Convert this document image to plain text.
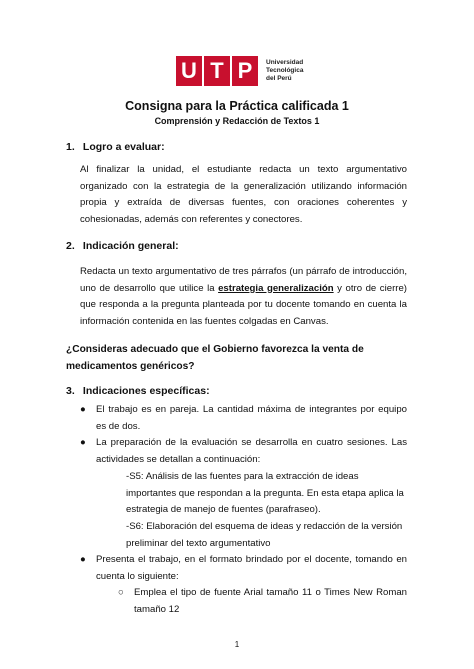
U T P	Universidad
Tecnológica
del Perú
Consigna para la Práctica calificada 1
Comprensión y Redacción de Textos 1
1. Logro a evaluar:
Al finalizar la unidad, el estudiante redacta un texto argumentativo organizado con la estrategia de la generalización utilizando información propia y extraída de diversas fuentes, con oraciones coherentes y cohesionadas, además con referentes y conectores.
2. Indicación general:
Redacta un texto argumentativo de tres párrafos (un párrafo de introducción, uno de desarrollo que utilice la estrategia generalización y otro de cierre) que responda a la pregunta planteada por tu docente tomando en cuenta la información contenida en las fuentes colgadas en Canvas.
¿Consideras adecuado que el Gobierno favorezca la venta de medicamentos genéricos?
3. Indicaciones específicas:
● El trabajo es en pareja. La cantidad máxima de integrantes por equipo es de dos.
● La preparación de la evaluación se desarrolla en cuatro sesiones. Las actividades se detallan a continuación:
-S5: Análisis de las fuentes para la extracción de ideas importantes que respondan a la pregunta. En esta etapa aplica la estrategia de manejo de fuentes (parafraseo).
-S6: Elaboración del esquema de ideas y redacción de la versión preliminar del texto argumentativo
● Presenta el trabajo, en el formato brindado por el docente, tomando en cuenta lo siguiente:
○ Emplea el tipo de fuente Arial tamaño 11 o Times New Roman tamaño 12
1
